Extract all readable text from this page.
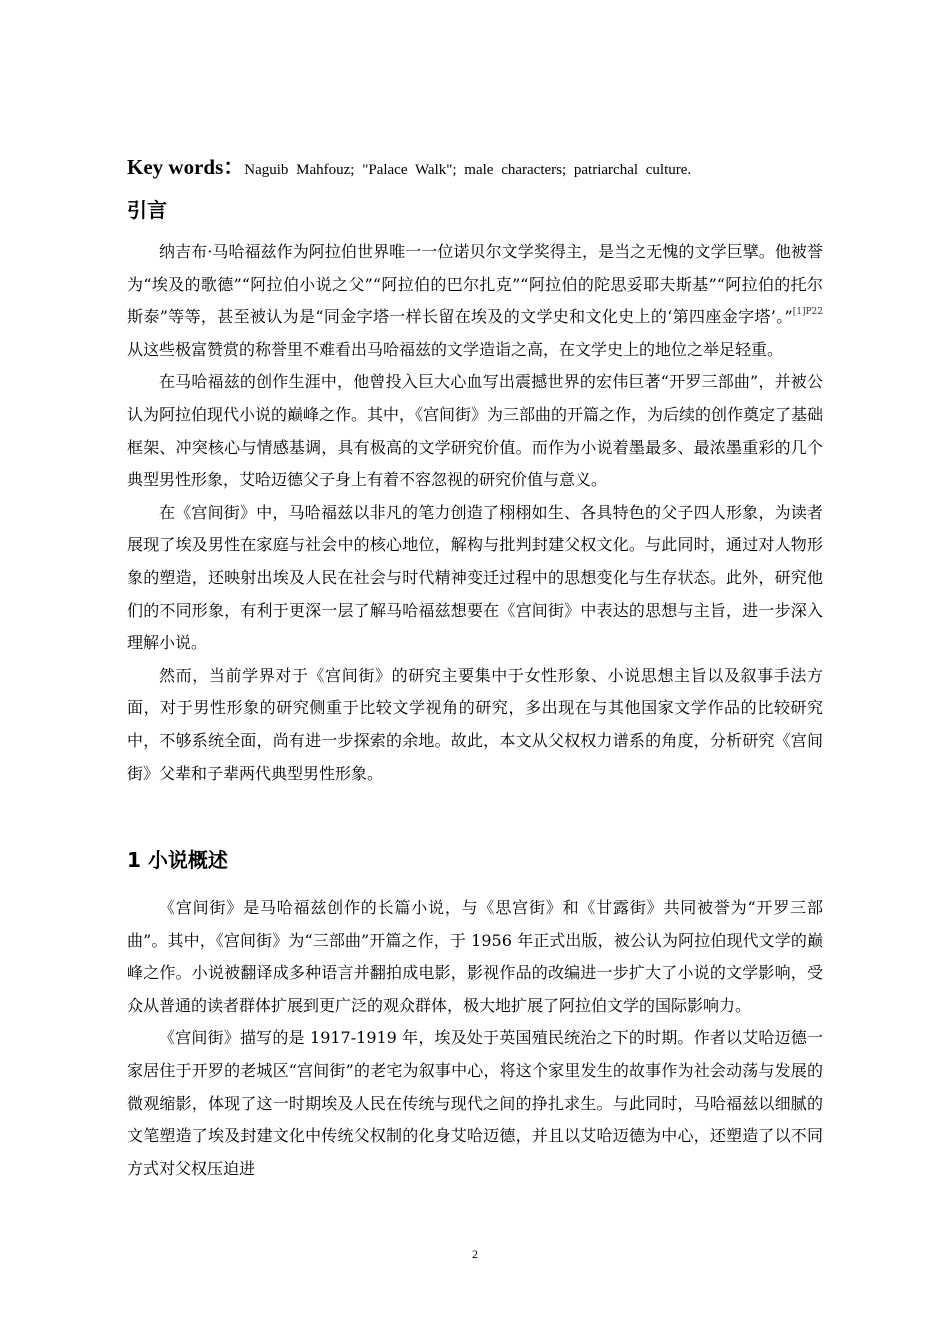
Key words：Naguib Mahfouz; "Palace Walk"; male characters; patriarchal culture.
引言

纳吉布·马哈福兹作为阿拉伯世界唯一一位诺贝尔文学奖得主，是当之无愧的文学巨擘。他被誉为“埃及的歌德”“阿拉伯小说之父”“阿拉伯的巴尔扎克”“阿拉伯的陀思妥耶夫斯基”“阿拉伯的托尔斯泰”等等，甚至被认为是“同金字塔一样长留在埃及的文学史和文化史上的‘第四座金字塔’。”$^{[1]P22}$从这些极富赞赏的称誉里不难看出马哈福兹的文学造诣之高，在文学史上的地位之举足轻重。

在马哈福兹的创作生涯中，他曾投入巨大心血写出震撼世界的宏伟巨著“开罗三部曲”，并被公认为阿拉伯现代小说的巅峰之作。其中，《宫间街》为三部曲的开篇之作，为后续的创作奠定了基础框架、冲突核心与情感基调，具有极高的文学研究价值。而作为小说着墨最多、最浓墨重彩的几个典型男性形象，艾哈迈德父子身上有着不容忽视的研究价值与意义。

在《宫间街》中，马哈福兹以非凡的笔力创造了栩栩如生、各具特色的父子四人形象，为读者展现了埃及男性在家庭与社会中的核心地位，解构与批判封建父权文化。与此同时，通过对人物形象的塑造，还映射出埃及人民在社会与时代精神变迁过程中的思想变化与生存状态。此外，研究他们的不同形象，有利于更深一层了解马哈福兹想要在《宫间街》中表达的思想与主旨，进一步深入理解小说。

然而，当前学界对于《宫间街》的研究主要集中于女性形象、小说思想主旨以及叙事手法方面，对于男性形象的研究侧重于比较文学视角的研究，多出现在与其他国家文学作品的比较研究中，不够系统全面，尚有进一步探索的余地。故此，本文从父权权力谱系的角度，分析研究《宫间街》父辈和子辈两代典型男性形象。

1 小说概述

《宫间街》是马哈福兹创作的长篇小说，与《思宫街》和《甘露街》共同被誉为“开罗三部曲”。其中，《宫间街》为“三部曲”开篇之作，于 1956 年正式出版，被公认为阿拉伯现代文学的巅峰之作。小说被翻译成多种语言并翻拍成电影，影视作品的改编进一步扩大了小说的文学影响，受众从普通的读者群体扩展到更广泛的观众群体，极大地扩展了阿拉伯文学的国际影响力。

《宫间街》描写的是 1917-1919 年，埃及处于英国殖民统治之下的时期。作者以艾哈迈德一家居住于开罗的老城区“宫间街”的老宅为叙事中心，将这个家里发生的故事作为社会动荡与发展的微观缩影，体现了这一时期埃及人民在传统与现代之间的挣扎求生。与此同时，马哈福兹以细腻的文笔塑造了埃及封建文化中传统父权制的化身艾哈迈德，并且以艾哈迈德为中心，还塑造了以不同方式对父权压迫进

2
